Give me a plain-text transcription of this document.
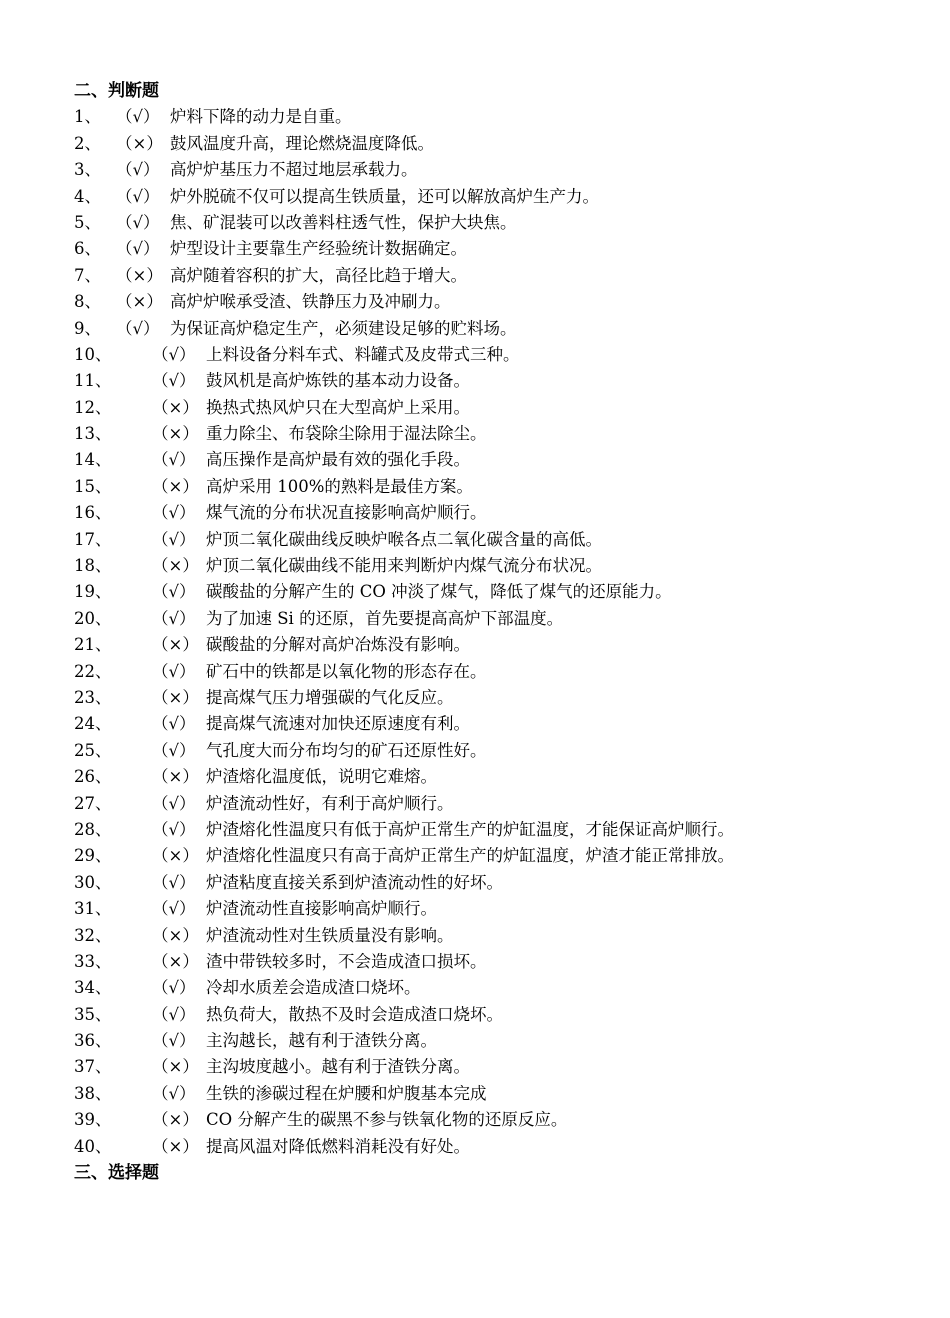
二、判断题
1、 （√） 炉料下降的动力是自重。
2、 （×） 鼓风温度升高，理论燃烧温度降低。
3、 （√） 高炉炉基压力不超过地层承载力。
4、 （√） 炉外脱硫不仅可以提高生铁质量，还可以解放高炉生产力。
5、 （√） 焦、矿混装可以改善料柱透气性，保护大块焦。
6、 （√） 炉型设计主要靠生产经验统计数据确定。
7、 （×） 高炉随着容积的扩大，高径比趋于增大。
8、 （×） 高炉炉喉承受渣、铁静压力及冲刷力。
9、 （√） 为保证高炉稳定生产，必须建设足够的贮料场。
10、	（√） 上料设备分料车式、料罐式及皮带式三种。
11、	（√） 鼓风机是高炉炼铁的基本动力设备。
12、	（×） 换热式热风炉只在大型高炉上采用。
13、	（×） 重力除尘、布袋除尘除用于湿法除尘。
14、	（√） 高压操作是高炉最有效的强化手段。
15、	（×） 高炉采用 100%的熟料是最佳方案。
16、	（√） 煤气流的分布状况直接影响高炉顺行。
17、	（√） 炉顶二氧化碳曲线反映炉喉各点二氧化碳含量的高低。
18、	（×） 炉顶二氧化碳曲线不能用来判断炉内煤气流分布状况。
19、	（√） 碳酸盐的分解产生的 CO 冲淡了煤气，降低了煤气的还原能力。
20、	（√） 为了加速 Si 的还原，首先要提高高炉下部温度。
21、	（×） 碳酸盐的分解对高炉冶炼没有影响。
22、	（√） 矿石中的铁都是以氧化物的形态存在。
23、	（×） 提高煤气压力增强碳的气化反应。
24、	（√） 提高煤气流速对加快还原速度有利。
25、	（√） 气孔度大而分布均匀的矿石还原性好。
26、	（×） 炉渣熔化温度低，说明它难熔。
27、	（√） 炉渣流动性好，有利于高炉顺行。
28、	（√） 炉渣熔化性温度只有低于高炉正常生产的炉缸温度，才能保证高炉顺行。
29、	（×） 炉渣熔化性温度只有高于高炉正常生产的炉缸温度，炉渣才能正常排放。
30、	（√） 炉渣粘度直接关系到炉渣流动性的好坏。
31、	（√） 炉渣流动性直接影响高炉顺行。
32、	（×） 炉渣流动性对生铁质量没有影响。
33、	（×） 渣中带铁较多时，不会造成渣口损坏。
34、	（√） 冷却水质差会造成渣口烧坏。
35、	（√） 热负荷大，散热不及时会造成渣口烧坏。
36、	（√） 主沟越长，越有利于渣铁分离。
37、	（×） 主沟坡度越小。越有利于渣铁分离。
38、	（√） 生铁的渗碳过程在炉腰和炉腹基本完成
39、	（×） CO 分解产生的碳黑不参与铁氧化物的还原反应。
40、	（×） 提高风温对降低燃料消耗没有好处。
三、选择题
